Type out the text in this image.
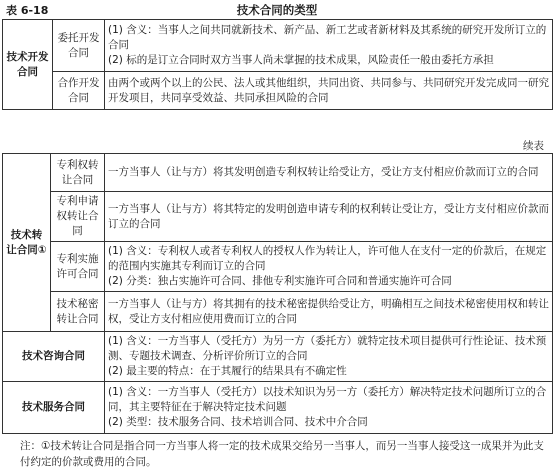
表 6-18	技术合同的类型
技术开发合同	委托开发合同	(1) 含义：当事人之间共同就新技术、新产品、新工艺或者新材料及其系统的研究开发所订立的合同
(2) 标的是订立合同时双方当事人尚未掌握的技术成果，风险责任一般由委托方承担

	合作开发合同	由两个或两个以上的公民、法人或其他组织，共同出资、共同参与、共同研究开发完成同一研究开发项目，共同享受效益、共同承担风险的合同
续表
技术转让合同①	专利权转让合同	一方当事人（让与方）将其发明创造专利权转让给受让方，受让方支付相应价款而订立的合同

	专利申请权转让合同	一方当事人（让与方）将其特定的发明创造申请专利的权利转让受让方，受让方支付相应价款而订立的合同

	专利实施许可合同	(1) 含义：专利权人或者专利权人的授权人作为转让人，许可他人在支付一定的价款后，在规定的范围内实施其专利而订立的合同
(2) 分类：独占实施许可合同、排他专利实施许可合同和普通实施许可合同

	技术秘密转让合同	一方当事人（让与方）将其拥有的技术秘密提供给受让方，明确相互之间技术秘密使用权和转让权，受让方支付相应使用费而订立的合同

技术咨询合同		(1) 含义：一方当事人（受托方）为另一方（委托方）就特定技术项目提供可行性论证、技术预测、专题技术调查、分析评价所订立的合同
(2) 最主要的特点：在于其履行的结果具有不确定性

技术服务合同		(1) 含义：一方当事人（受托方）以技术知识为另一方（委托方）解决特定技术问题所订立的合同，其主要特征在于解决特定技术问题
(2) 类型：技术服务合同、技术培训合同、技术中介合同
注：①技术转让合同是指合同一方当事人将一定的技术成果交给另一当事人，而另一当事人接受这一成果并为此支付约定的价款或费用的合同。
